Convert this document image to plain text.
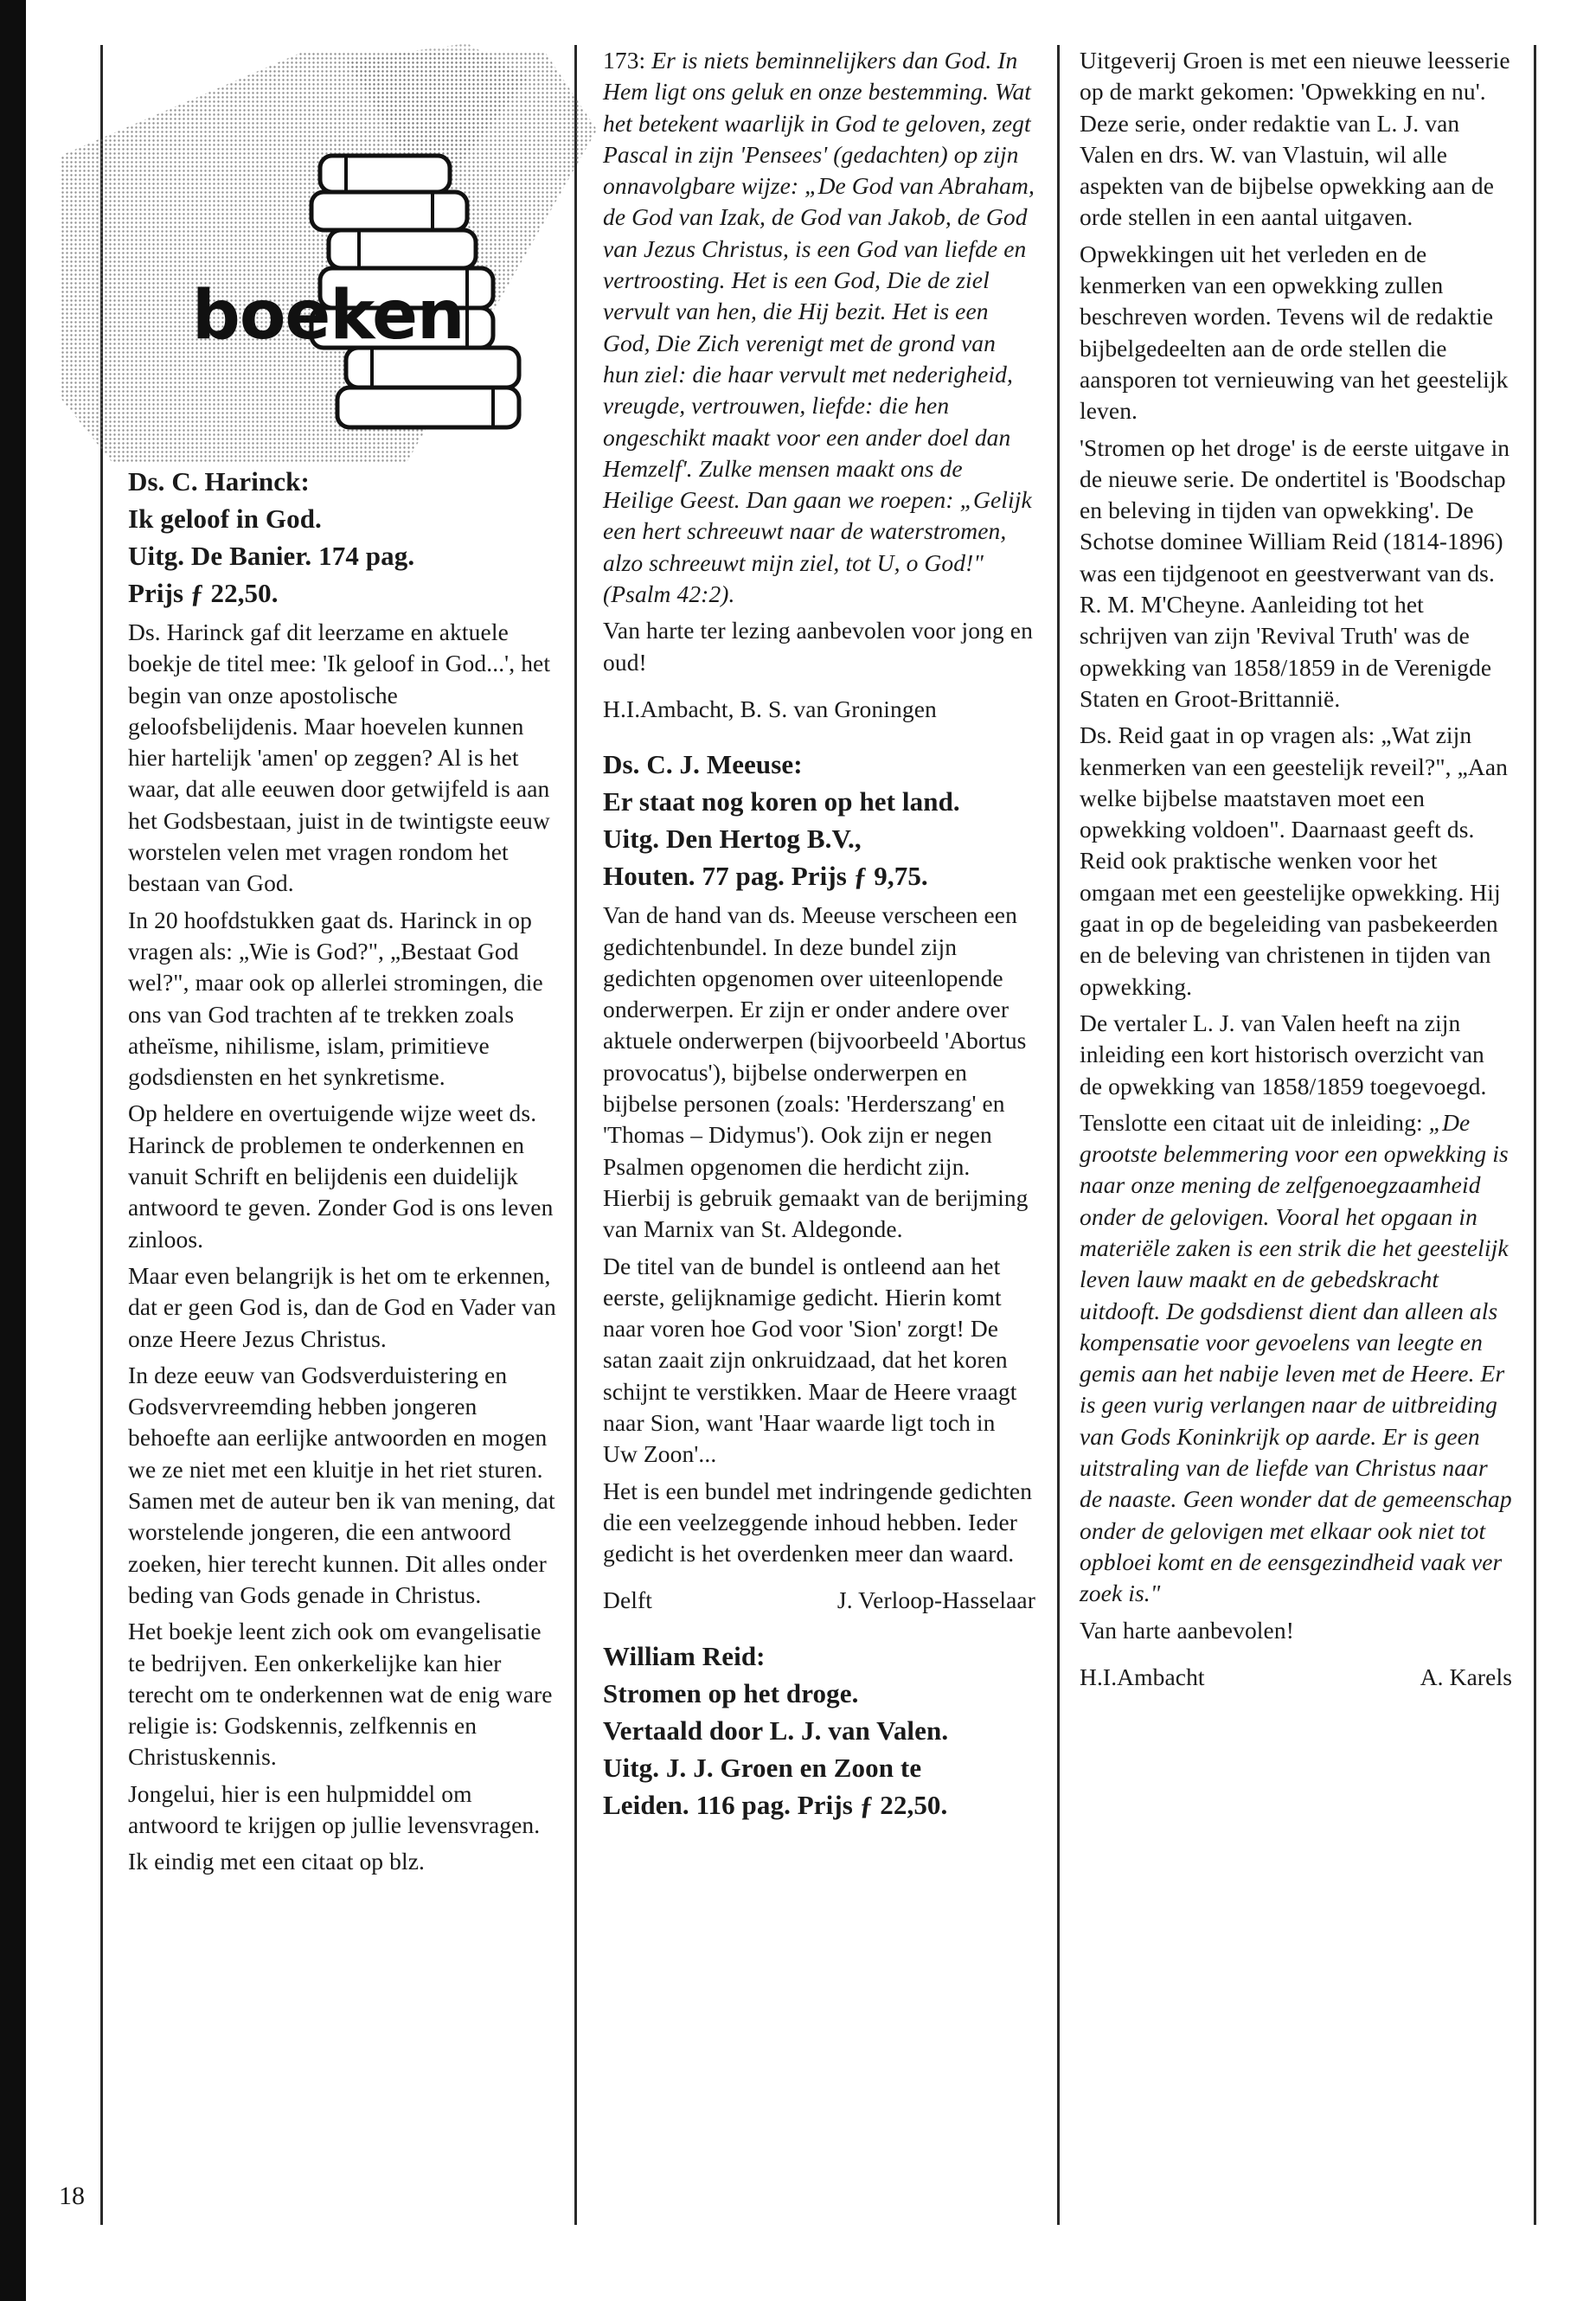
boeken
Ds. C. Harinck:
Ik geloof in God.
Uitg. De Banier. 174 pag.
Prijs ƒ 22,50.

Ds. Harinck gaf dit leerzame en aktuele boekje de titel mee: 'Ik geloof in God...', het begin van onze apostolische geloofsbelijdenis. Maar hoevelen kunnen hier hartelijk 'amen' op zeggen? Al is het waar, dat alle eeuwen door getwijfeld is aan het Godsbestaan, juist in de twintigste eeuw worstelen velen met vragen rondom het bestaan van God.

In 20 hoofdstukken gaat ds. Harinck in op vragen als: „Wie is God?", „Bestaat God wel?", maar ook op allerlei stromingen, die ons van God trachten af te trekken zoals atheïsme, nihilisme, islam, primitieve godsdiensten en het synkretisme.

Op heldere en overtuigende wijze weet ds. Harinck de problemen te onderkennen en vanuit Schrift en belijdenis een duidelijk antwoord te geven. Zonder God is ons leven zinloos.

Maar even belangrijk is het om te erkennen, dat er geen God is, dan de God en Vader van onze Heere Jezus Christus.

In deze eeuw van Godsverduistering en Godsvervreemding hebben jongeren behoefte aan eerlijke antwoorden en mogen we ze niet met een kluitje in het riet sturen. Samen met de auteur ben ik van mening, dat worstelende jongeren, die een antwoord zoeken, hier terecht kunnen. Dit alles onder beding van Gods genade in Christus.

Het boekje leent zich ook om evangelisatie te bedrijven. Een onkerkelijke kan hier terecht om te onderkennen wat de enig ware religie is: Godskennis, zelfkennis en Christuskennis.

Jongelui, hier is een hulpmiddel om antwoord te krijgen op jullie levensvragen.

Ik eindig met een citaat op blz.

173: Er is niets beminnelijkers dan God. In Hem ligt ons geluk en onze bestemming. Wat het betekent waarlijk in God te geloven, zegt Pascal in zijn 'Pensees' (gedachten) op zijn onnavolgbare wijze: „De God van Abraham, de God van Izak, de God van Jakob, de God van Jezus Christus, is een God van liefde en vertroosting. Het is een God, Die de ziel vervult van hen, die Hij bezit. Het is een God, Die Zich verenigt met de grond van hun ziel: die haar vervult met nederigheid, vreugde, vertrouwen, liefde: die hen ongeschikt maakt voor een ander doel dan Hemzelf'. Zulke mensen maakt ons de Heilige Geest. Dan gaan we roepen: „Gelijk een hert schreeuwt naar de waterstromen, alzo schreeuwt mijn ziel, tot U, o God!" (Psalm 42:2).

Van harte ter lezing aanbevolen voor jong en oud!

H.I.Ambacht, B. S. van Groningen
Ds. C. J. Meeuse:
Er staat nog koren op het land.
Uitg. Den Hertog B.V.,
Houten. 77 pag. Prijs ƒ 9,75.

Van de hand van ds. Meeuse verscheen een gedichtenbundel. In deze bundel zijn gedichten opgenomen over uiteenlopende onderwerpen. Er zijn er onder andere over aktuele onderwerpen (bijvoorbeeld 'Abortus provocatus'), bijbelse onderwerpen en bijbelse personen (zoals: 'Herderszang' en 'Thomas – Didymus'). Ook zijn er negen Psalmen opgenomen die herdicht zijn. Hierbij is gebruik gemaakt van de berijming van Marnix van St. Aldegonde.

De titel van de bundel is ontleend aan het eerste, gelijknamige gedicht. Hierin komt naar voren hoe God voor 'Sion' zorgt! De satan zaait zijn onkruidzaad, dat het koren schijnt te verstikken. Maar de Heere vraagt naar Sion, want 'Haar waarde ligt toch in Uw Zoon'...

Het is een bundel met indringende gedichten die een veelzeggende inhoud hebben. Ieder gedicht is het overdenken meer dan waard.

Delft	J. Verloop-Hasselaar
William Reid:
Stromen op het droge.
Vertaald door L. J. van Valen.
Uitg. J. J. Groen en Zoon te
Leiden. 116 pag. Prijs ƒ 22,50.

Uitgeverij Groen is met een nieuwe leesserie op de markt gekomen: 'Opwekking en nu'. Deze serie, onder redaktie van L. J. van Valen en drs. W. van Vlastuin, wil alle aspekten van de bijbelse opwekking aan de orde stellen in een aantal uitgaven.

Opwekkingen uit het verleden en de kenmerken van een opwekking zullen beschreven worden. Tevens wil de redaktie bijbelgedeelten aan de orde stellen die aansporen tot vernieuwing van het geestelijk leven.

'Stromen op het droge' is de eerste uitgave in de nieuwe serie. De ondertitel is 'Boodschap en beleving in tijden van opwekking'. De Schotse dominee William Reid (1814-1896) was een tijdgenoot en geestverwant van ds. R. M. M'Cheyne. Aanleiding tot het schrijven van zijn 'Revival Truth' was de opwekking van 1858/1859 in de Verenigde Staten en Groot-Brittannië.

Ds. Reid gaat in op vragen als: „Wat zijn kenmerken van een geestelijk reveil?", „Aan welke bijbelse maatstaven moet een opwekking voldoen". Daarnaast geeft ds. Reid ook praktische wenken voor het omgaan met een geestelijke opwekking. Hij gaat in op de begeleiding van pasbekeerden en de beleving van christenen in tijden van opwekking.

De vertaler L. J. van Valen heeft na zijn inleiding een kort historisch overzicht van de opwekking van 1858/1859 toegevoegd.

Tenslotte een citaat uit de inleiding: „De grootste belemmering voor een opwekking is naar onze mening de zelfgenoegzaamheid onder de gelovigen. Vooral het opgaan in materiële zaken is een strik die het geestelijk leven lauw maakt en de gebedskracht uitdooft. De godsdienst dient dan alleen als kompensatie voor gevoelens van leegte en gemis aan het nabije leven met de Heere. Er is geen vurig verlangen naar de uitbreiding van Gods Koninkrijk op aarde. Er is geen uitstraling van de liefde van Christus naar de naaste. Geen wonder dat de gemeenschap onder de gelovigen met elkaar ook niet tot opbloei komt en de eensgezindheid vaak ver zoek is."

Van harte aanbevolen!

H.I.Ambacht	A. Karels
18
